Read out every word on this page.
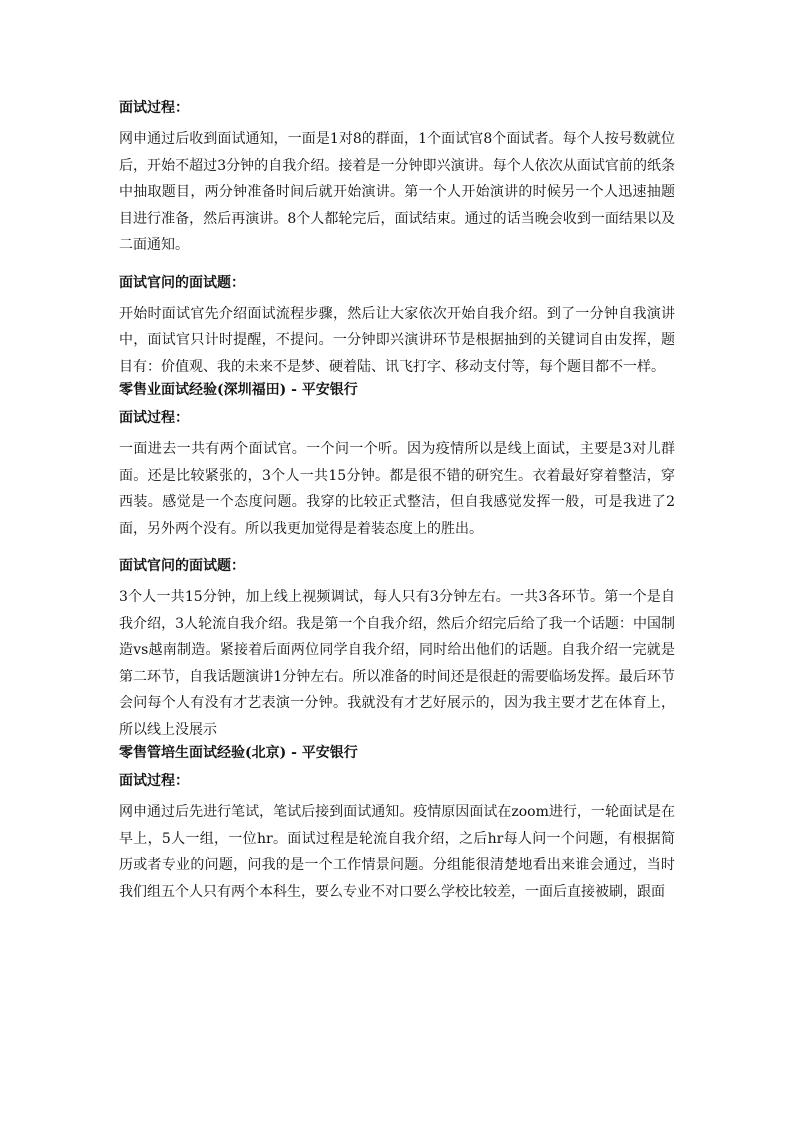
面试过程：

网申通过后收到面试通知，一面是1对8的群面，1个面试官8个面试者。每个人按号数就位后，开始不超过3分钟的自我介绍。接着是一分钟即兴演讲。每个人依次从面试官前的纸条中抽取题目，两分钟准备时间后就开始演讲。第一个人开始演讲的时候另一个人迅速抽题目进行准备，然后再演讲。8个人都轮完后，面试结束。通过的话当晚会收到一面结果以及二面通知。

面试官问的面试题：

开始时面试官先介绍面试流程步骤，然后让大家依次开始自我介绍。到了一分钟自我演讲中，面试官只计时提醒，不提问。一分钟即兴演讲环节是根据抽到的关键词自由发挥，题目有：价值观、我的未来不是梦、硬着陆、讯飞打字、移动支付等，每个题目都不一样。

零售业面试经验(深圳福田) - 平安银行

面试过程：

一面进去一共有两个面试官。一个问一个听。因为疫情所以是线上面试，主要是3对儿群面。还是比较紧张的，3个人一共15分钟。都是很不错的研究生。衣着最好穿着整洁，穿西装。感觉是一个态度问题。我穿的比较正式整洁，但自我感觉发挥一般，可是我进了2面，另外两个没有。所以我更加觉得是着装态度上的胜出。

面试官问的面试题：

3个人一共15分钟，加上线上视频调试，每人只有3分钟左右。一共3各环节。第一个是自我介绍，3人轮流自我介绍。我是第一个自我介绍，然后介绍完后给了我一个话题：中国制造vs越南制造。紧接着后面两位同学自我介绍，同时给出他们的话题。自我介绍一完就是第二环节，自我话题演讲1分钟左右。所以准备的时间还是很赶的需要临场发挥。最后环节会问每个人有没有才艺表演一分钟。我就没有才艺好展示的，因为我主要才艺在体育上，所以线上没展示

零售管培生面试经验(北京) - 平安银行

面试过程：

网申通过后先进行笔试，笔试后接到面试通知。疫情原因面试在zoom进行，一轮面试是在早上，5人一组，一位hr。面试过程是轮流自我介绍，之后hr每人问一个问题，有根据简历或者专业的问题，问我的是一个工作情景问题。分组能很清楚地看出来谁会通过，当时我们组五个人只有两个本科生，要么专业不对口要么学校比较差，一面后直接被刷，跟面
